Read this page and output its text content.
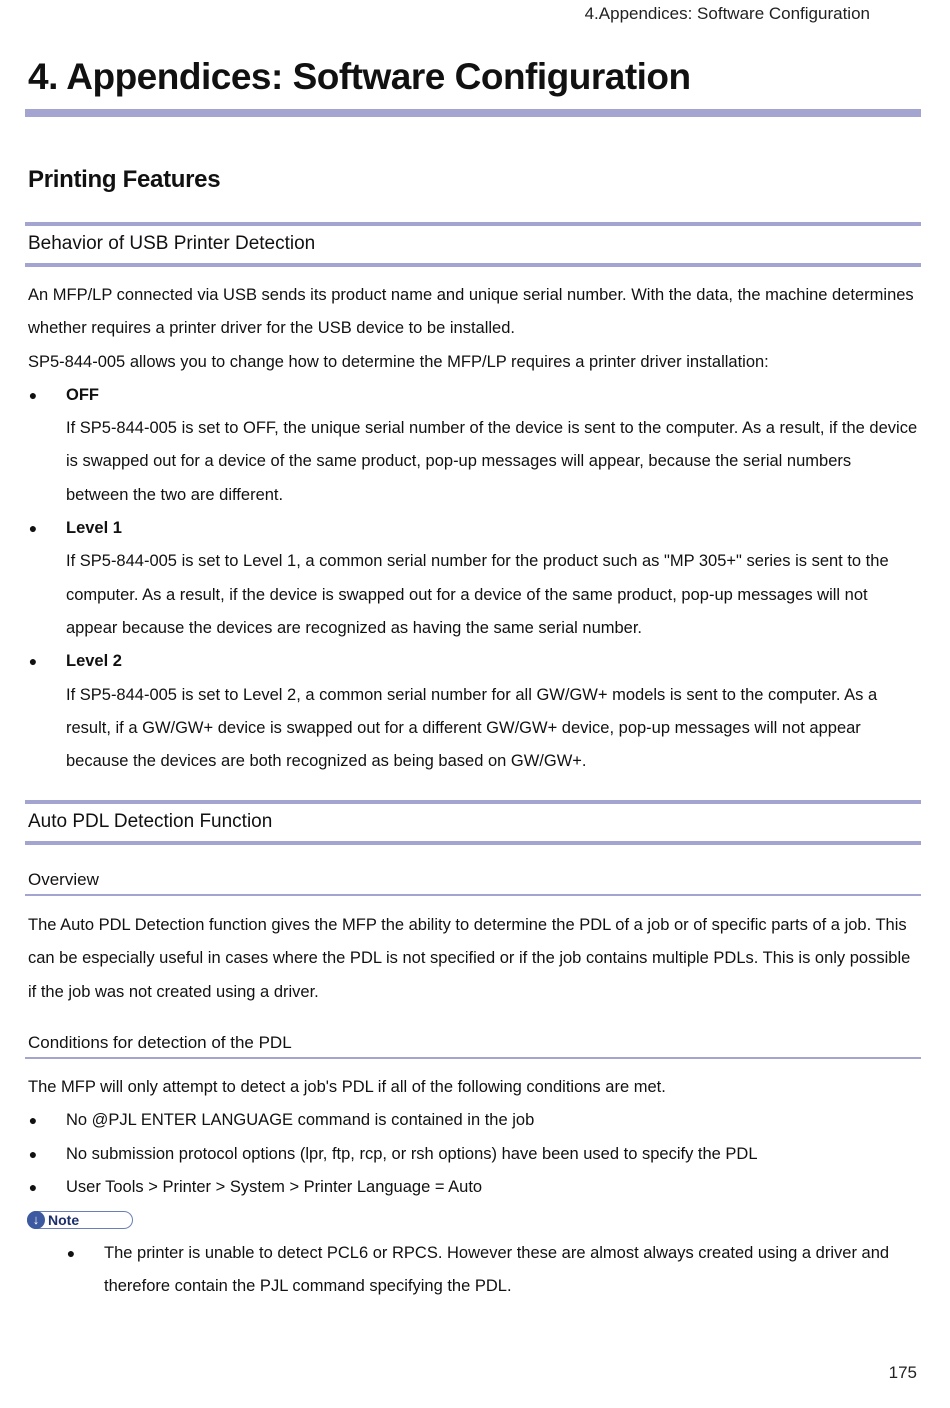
4.Appendices: Software Configuration
4. Appendices: Software Configuration
Printing Features
Behavior of USB Printer Detection

An MFP/LP connected via USB sends its product name and unique serial number. With the data, the machine determines whether requires a printer driver for the USB device to be installed.

SP5-844-005 allows you to change how to determine the MFP/LP requires a printer driver installation:

● OFF
If SP5-844-005 is set to OFF, the unique serial number of the device is sent to the computer. As a result, if the device is swapped out for a device of the same product, pop-up messages will appear, because the serial numbers between the two are different.
● Level 1
If SP5-844-005 is set to Level 1, a common serial number for the product such as "MP 305+" series is sent to the computer. As a result, if the device is swapped out for a device of the same product, pop-up messages will not appear because the devices are recognized as having the same serial number.
● Level 2
If SP5-844-005 is set to Level 2, a common serial number for all GW/GW+ models is sent to the computer. As a result, if a GW/GW+ device is swapped out for a different GW/GW+ device, pop-up messages will not appear because the devices are both recognized as being based on GW/GW+.
Auto PDL Detection Function
Overview

The Auto PDL Detection function gives the MFP the ability to determine the PDL of a job or of specific parts of a job. This can be especially useful in cases where the PDL is not specified or if the job contains multiple PDLs. This is only possible if the job was not created using a driver.

Conditions for detection of the PDL

The MFP will only attempt to detect a job's PDL if all of the following conditions are met.

● No @PJL ENTER LANGUAGE command is contained in the job
● No submission protocol options (lpr, ftp, rcp, or rsh options) have been used to specify the PDL
● User Tools > Printer > System > Printer Language = Auto
↓ Note
● The printer is unable to detect PCL6 or RPCS. However these are almost always created using a driver and therefore contain the PJL command specifying the PDL.
175
